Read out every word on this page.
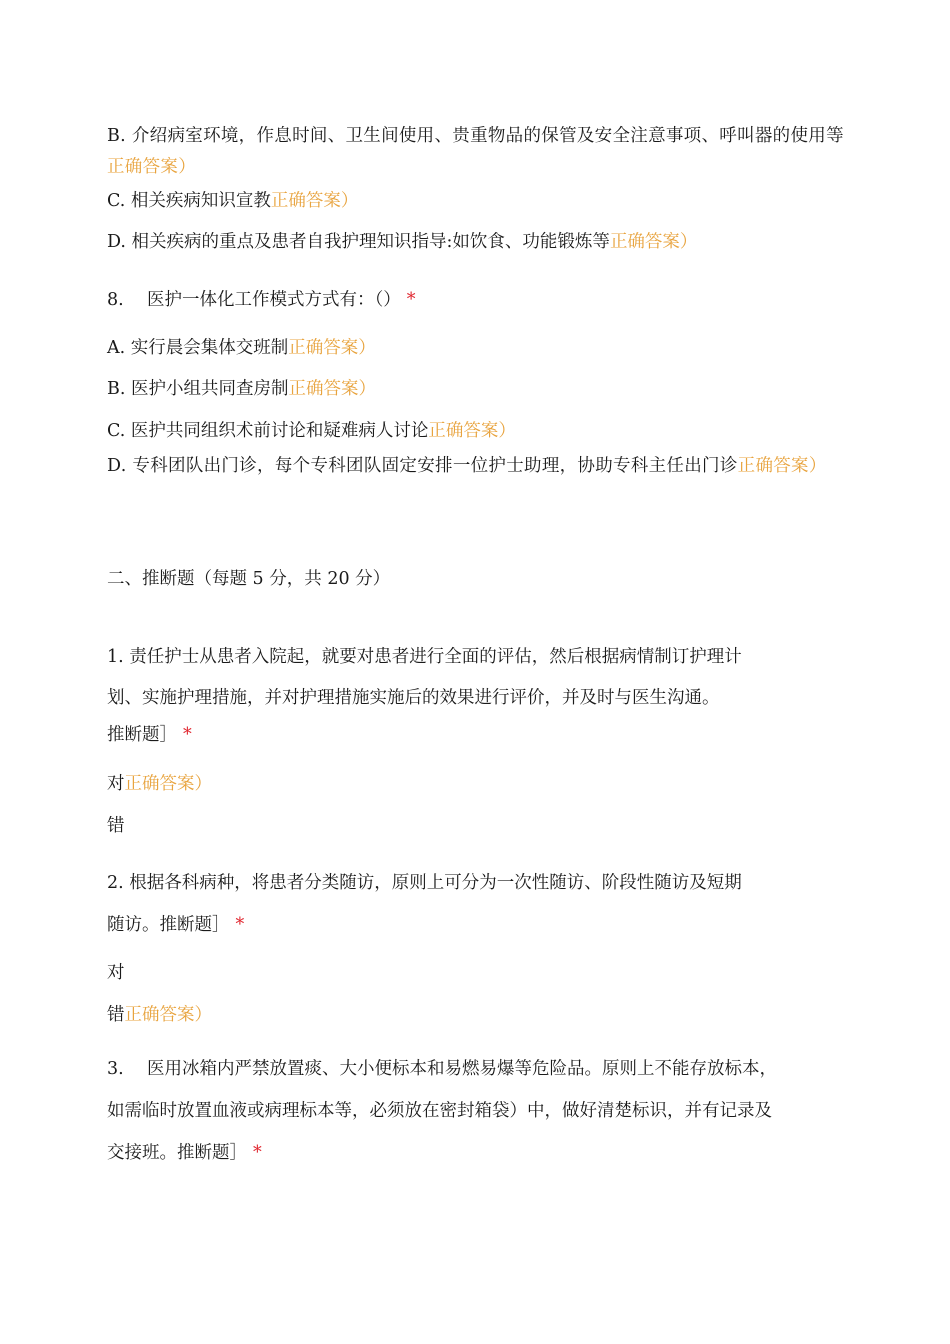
B. 介绍病室环境，作息时间、卫生间使用、贵重物品的保管及安全注意事项、呼叫器的使用等正确答案）
C. 相关疾病知识宣教正确答案）
D. 相关疾病的重点及患者自我护理知识指导:如饮食、功能锻炼等正确答案）
8. 医护一体化工作模式方式有：（） *
A. 实行晨会集体交班制正确答案）
B. 医护小组共同查房制正确答案）
C. 医护共同组织术前讨论和疑难病人讨论正确答案）
D. 专科团队出门诊，每个专科团队固定安排一位护士助理，协助专科主任出门诊正确答案）
二、推断题（每题 5 分，共 20 分）
1. 责任护士从患者入院起，就要对患者进行全面的评估，然后根据病情制订护理计
划、实施护理措施，并对护理措施实施后的效果进行评价，并及时与医生沟通。
推断题］ *
对正确答案）
错
2. 根据各科病种，将患者分类随访，原则上可分为一次性随访、阶段性随访及短期
随访。推断题］ *
对
错正确答案）
3. 医用冰箱内严禁放置痰、大小便标本和易燃易爆等危险品。原则上不能存放标本，
如需临时放置血液或病理标本等，必须放在密封箱袋）中，做好清楚标识，并有记录及
交接班。推断题］ *
